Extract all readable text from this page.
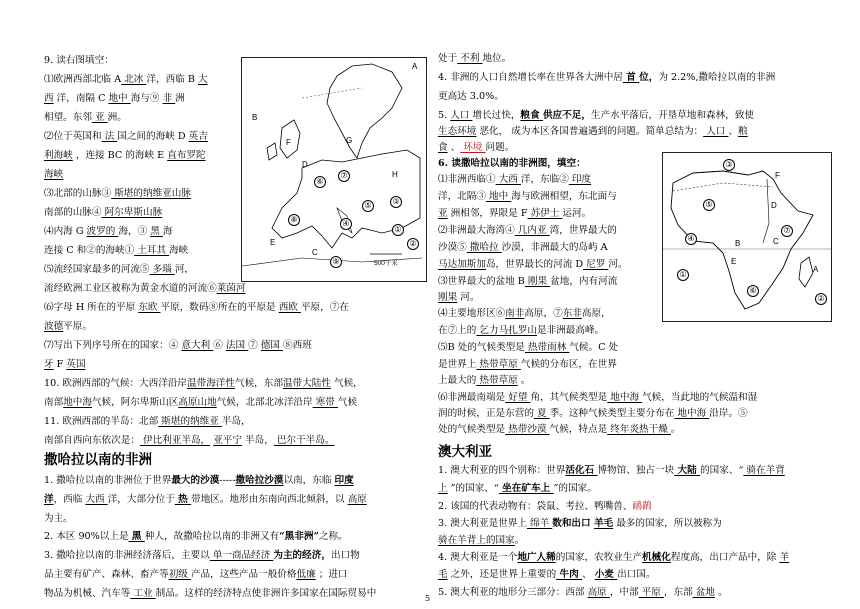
9. 读右图填空：
⑴欧洲西部北临 A 北冰 洋，西临 B 大
西 洋，南隔 C 地中 海与⑨ 非 洲
相望。东邻 亚 洲。
⑵位于英国和 法 国之间的海峡 D 英吉
利海峡 ，连接 BC 的海峡 E 直布罗陀
海峡
⑶北部的山脉③ 斯堪的纳维亚山脉
南部的山脉④ 阿尔卑斯山脉
⑷内海 G 波罗的 海，③ 黑 海
连接 C 和②的海峡① 土耳其 海峡
⑸流经国家最多的河流⑤ 多瑙 河，
流经欧洲工业区被称为黄金水道的河流⑥莱茵河
⑹字母 H 所在的平原 东欧 平原，数码⑧所在的平原是 西欧 平原，⑦在
波德平原。
⑺写出下列序号所在的国家：④ 意大利 ⑥ 法国 ⑦ 德国 ⑧西班
牙 F 英国
10. 欧洲西部的气候：大西洋沿岸温带海洋性气候，东部温带大陆性 气候，
南部地中海气候，阿尔卑斯山区高原山地气候，北部北冰洋沿岸 寒带 气候
11. 欧洲西部的半岛：北部 斯堪的纳维亚 半岛，
南部自西向东依次是： 伊比利亚半岛， 亚平宁 半岛， 巴尔干半岛。
撒哈拉以南的非洲
1. 撒哈拉以南的非洲位于世界最大的沙漠-----撒哈拉沙漠以南，东临 印度
洋，西临 大西 洋，大部分位于 热 带地区。地形由东南向西北倾斜，以 高原
为主。
2. 本区 90%以上是 黑 种人，故撒哈拉以南的非洲又有“黑非洲”之称。
3. 撒哈拉以南的非洲经济落后，主要以 单一商品经济 为主的经济，出口物
品主要有矿产、森林、畜产等初级 产品，这些产品一般价格低廉 ；进口
物品为机械、汽车等 工业 制品。这样的经济特点使非洲许多国家在国际贸易中
处于 不利 地位。
4. 非洲的人口自然增长率在世界各大洲中居 首 位，为 2.2%,撒哈拉以南的非洲
更高达 3.0%。
5. 人口 增长过快，粮食 供应不足，生产水平落后，开垦草地和森林，致使
生态环境 恶化， 成为本区各国普遍遇到的问题。简单总结为： 人口 、粮
食 、 环境 问题。
6. 读撒哈拉以南的非洲图，填空：
⑴非洲西临① 大西 洋，东临② 印度
洋，北隔③ 地中 海与欧洲相望，东北面与
亚 洲相邻，界限是 F 苏伊士 运河。
⑵非洲最大海湾④ 几内亚 湾，世界最大的
沙漠⑤ 撒哈拉 沙漠，非洲最大的岛屿 A
马达加斯加岛，世界最长的河流 D 尼罗 河。
⑶世界最大的盆地 B 刚果 盆地，内有河流
刚果 河。
⑷主要地形区⑥南非高原，⑦东非高原，
在⑦上的 乞力马扎罗山是非洲最高峰。
⑸B 处的气候类型是 热带雨林 气候。C 处
是世界上 热带草原 气候的分布区，在世界
上最大的 热带草原 。
⑹非洲最南端是 好望 角，其气候类型是 地中海 气候，当此地的气候温和湿
润的时候，正是东营的 夏 季。这种气候类型主要分布在 地中海 沿岸。⑤
处的气候类型是 热带沙漠 气候，特点是 终年炎热干燥 。
澳大利亚
1. 澳大利亚的四个别称：世界活化石 博物馆、独占一块 大陆 的国家、“ 骑在羊背
上 ”的国家、“ 坐在矿车上 ”的国家。
2. 该国的代表动物有：袋鼠、考拉、鸭嘴兽、鸸鹋
3. 澳大利亚是世界上 绵羊 数和出口 羊毛 最多的国家，所以被称为
骑在羊背上的国家。
4. 澳大利亚是一个地广人稀的国家，农牧业生产机械化程度高，出口产品中，除 羊
毛 之外，还是世界上重要的 牛肉 、 小麦 出口国。
5. 澳大利亚的地形分三部分：西部 高原 ，中部 平原 ，东部 盆地 。
A
B
C
D
E
F	G
H
①
②
③
④
⑤
⑥
⑦
⑧
⑨	500千米
A
B	C
D
E
F
①
②
③
④
⑤
⑥
⑦
5
